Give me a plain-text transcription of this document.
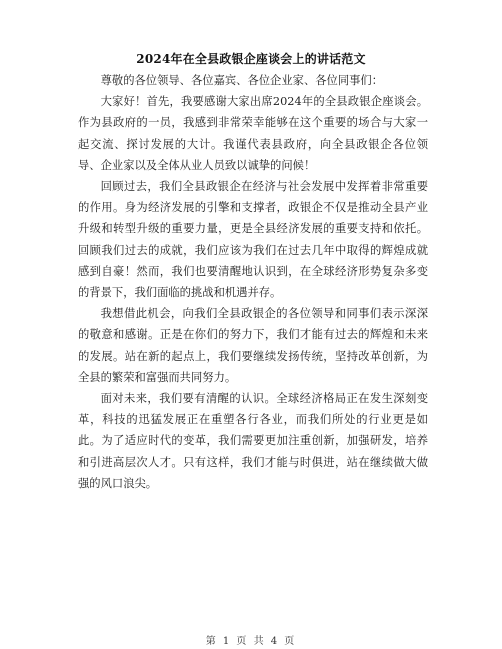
2024年在全县政银企座谈会上的讲话范文

尊敬的各位领导、各位嘉宾、各位企业家、各位同事们：

大家好！首先，我要感谢大家出席2024年的全县政银企座谈会。作为县政府的一员，我感到非常荣幸能够在这个重要的场合与大家一起交流、探讨发展的大计。我谨代表县政府，向全县政银企各位领导、企业家以及全体从业人员致以诚挚的问候！

回顾过去，我们全县政银企在经济与社会发展中发挥着非常重要的作用。身为经济发展的引擎和支撑者，政银企不仅是推动全县产业升级和转型升级的重要力量，更是全县经济发展的重要支持和依托。回顾我们过去的成就，我们应该为我们在过去几年中取得的辉煌成就感到自豪！然而，我们也要清醒地认识到，在全球经济形势复杂多变的背景下，我们面临的挑战和机遇并存。

我想借此机会，向我们全县政银企的各位领导和同事们表示深深的敬意和感谢。正是在你们的努力下，我们才能有过去的辉煌和未来的发展。站在新的起点上，我们要继续发扬传统，坚持改革创新，为全县的繁荣和富强而共同努力。

面对未来，我们要有清醒的认识。全球经济格局正在发生深刻变革，科技的迅猛发展正在重塑各行各业，而我们所处的行业更是如此。为了适应时代的变革，我们需要更加注重创新，加强研发，培养和引进高层次人才。只有这样，我们才能与时俱进，站在继续做大做强的风口浪尖。

第 1 页 共 4 页
